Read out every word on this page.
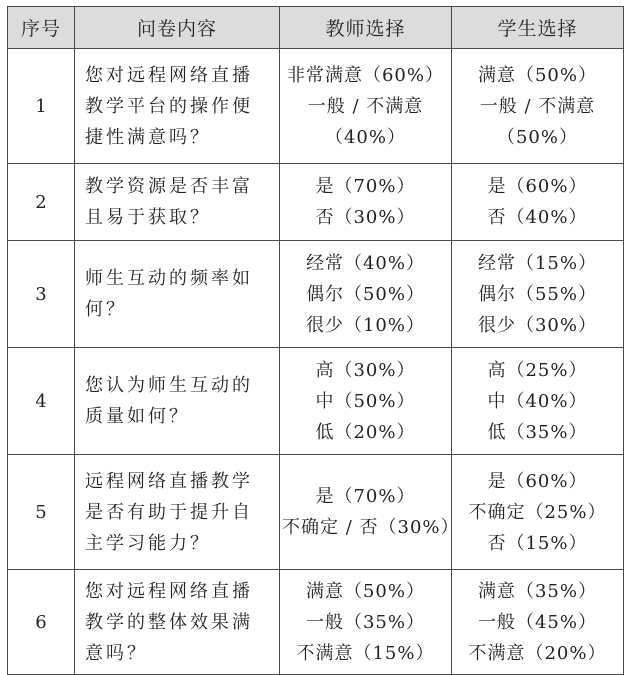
序号	问卷内容	教师选择	学生选择
1	您对远程网络直播
教学平台的操作便
捷性满意吗？	非常满意（60%）
一般 / 不满意
（40%）	满意（50%）
一般 / 不满意
（50%）

2	教学资源是否丰富
且易于获取？	是（70%）
否（30%）	是（60%）
否（40%）

3	师生互动的频率如
何？	经常（40%）
偶尔（50%）
很少（10%）	经常（15%）
偶尔（55%）
很少（30%）

4	您认为师生互动的
质量如何？	高（30%）
中（50%）
低（20%）	高（25%）
中（40%）
低（35%）

5	远程网络直播教学
是否有助于提升自
主学习能力？	是（70%）
不确定 / 否（30%）	是（60%）
不确定（25%）
否（15%）

6	您对远程网络直播
教学的整体效果满
意吗？	满意（50%）
一般（35%）
不满意（15%）	满意（35%）
一般（45%）
不满意（20%）
